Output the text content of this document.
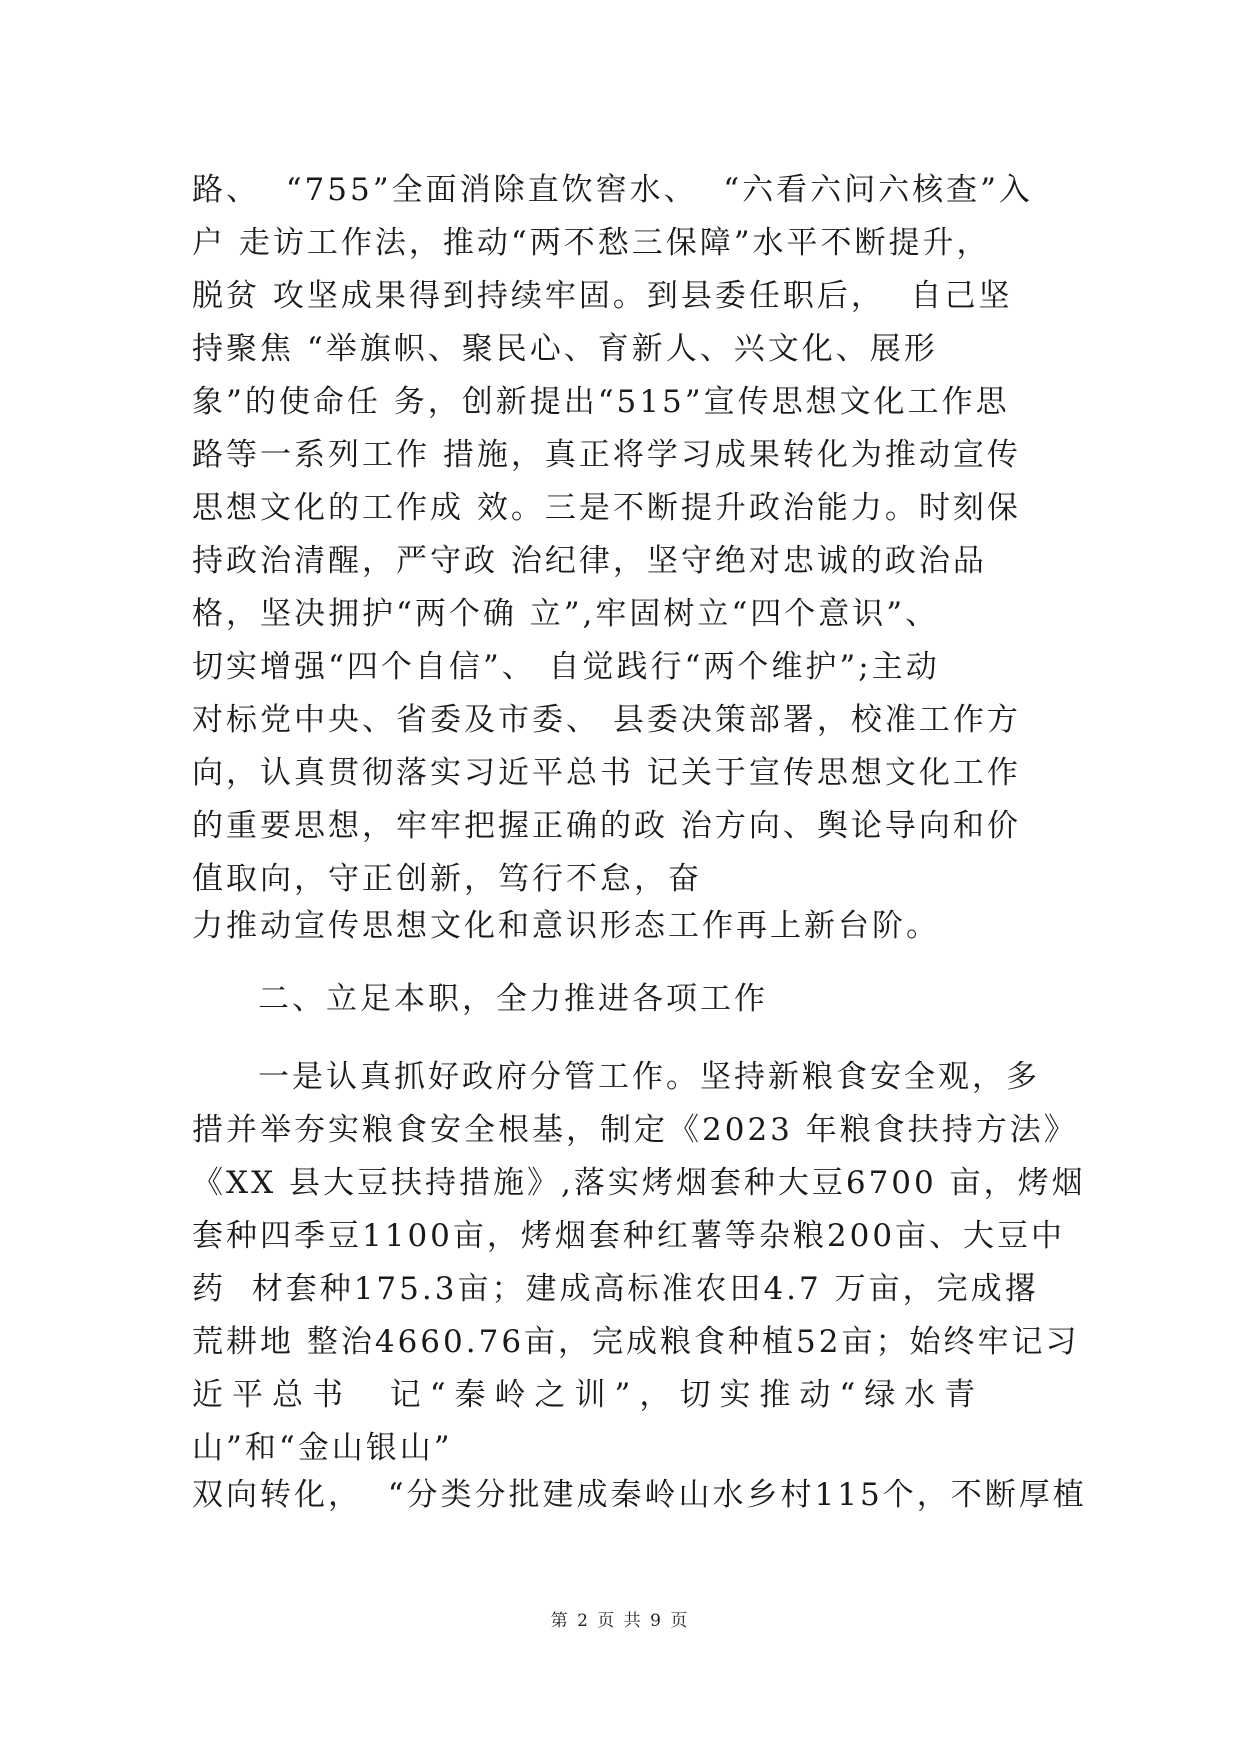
路、  “755”全面消除直饮窖水、  “六看六问六核查”入
户 走访工作法，推动“两不愁三保障”水平不断提升，
脱贫 攻坚成果得到持续牢固。到县委任职后，  自己坚
持聚焦 “举旗帜、聚民心、育新人、兴文化、展形
象”的使命任 务，创新提出“515”宣传思想文化工作思
路等一系列工作 措施，真正将学习成果转化为推动宣传
思想文化的工作成 效。三是不断提升政治能力。时刻保
持政治清醒，严守政 治纪律，坚守绝对忠诚的政治品
格，坚决拥护“两个确 立”,牢固树立“四个意识”、
切实增强“四个自信”、 自觉践行“两个维护”;主动
对标党中央、省委及市委、 县委决策部署，校准工作方
向，认真贯彻落实习近平总书 记关于宣传思想文化工作
的重要思想，牢牢把握正确的政 治方向、舆论导向和价
值取向，守正创新，笃行不怠，奋
力推动宣传思想文化和意识形态工作再上新台阶。
二、立足本职，全力推进各项工作
一是认真抓好政府分管工作。坚持新粮食安全观，多
措并举夯实粮食安全根基，制定《2023 年粮食扶持方法》
《XX 县大豆扶持措施》,落实烤烟套种大豆6700 亩，烤烟
套种四季豆1100亩，烤烟套种红薯等杂粮200亩、大豆中
药  材套种175.3亩；建成高标准农田4.7 万亩，完成撂
荒耕地 整治4660.76亩，完成粮食种植52亩；始终牢记习
近平总书  记“秦岭之训”，切实推动“绿水青
山”和“金山银山”
双向转化，  “分类分批建成秦岭山水乡村115个，不断厚植
第 2 页 共 9 页
